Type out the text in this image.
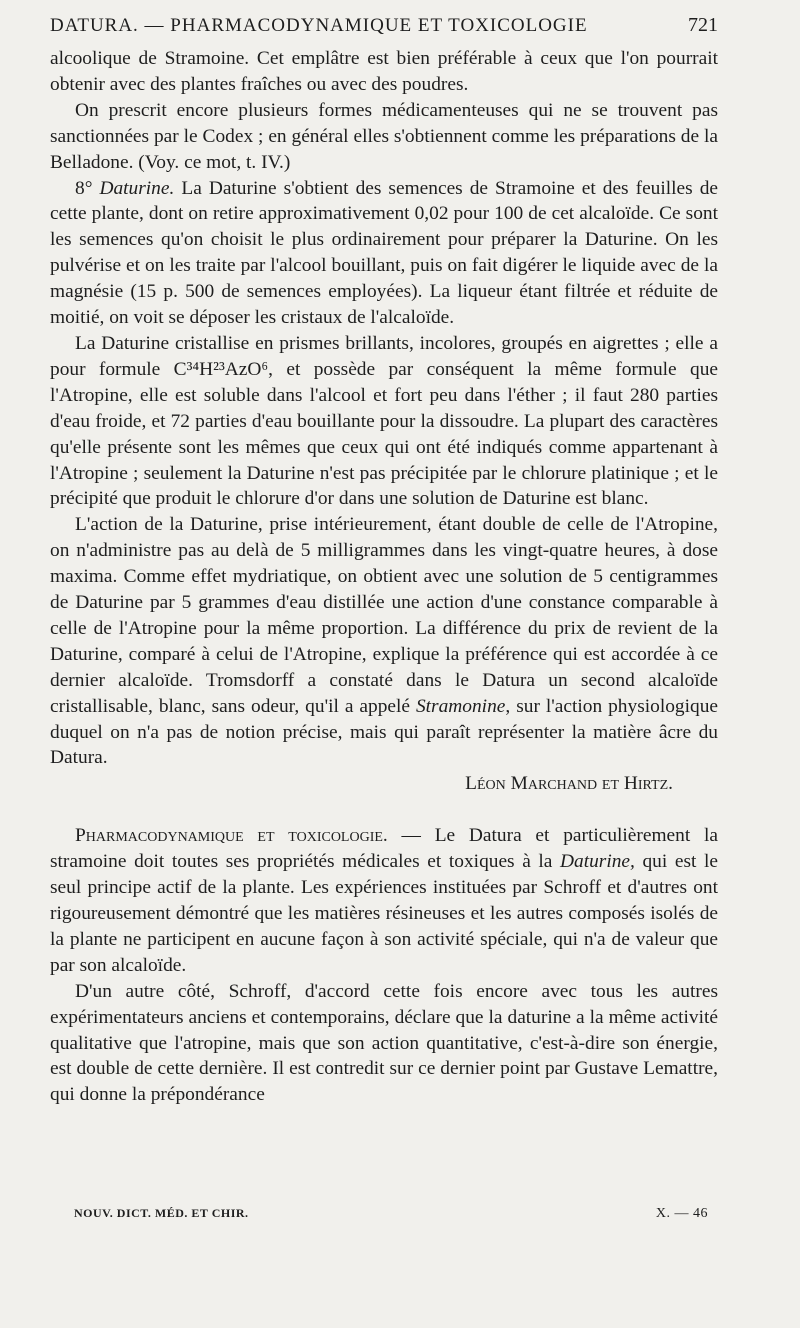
DATURA. — PHARMACODYNAMIQUE ET TOXICOLOGIE	721

alcoolique de Stramoine. Cet emplâtre est bien préférable à ceux que l'on pourrait obtenir avec des plantes fraîches ou avec des poudres.

On prescrit encore plusieurs formes médicamenteuses qui ne se trouvent pas sanctionnées par le Codex ; en général elles s'obtiennent comme les préparations de la Belladone. (Voy. ce mot, t. IV.)

8° Daturine. La Daturine s'obtient des semences de Stramoine et des feuilles de cette plante, dont on retire approximativement 0,02 pour 100 de cet alcaloïde. Ce sont les semences qu'on choisit le plus ordinairement pour préparer la Daturine. On les pulvérise et on les traite par l'alcool bouillant, puis on fait digérer le liquide avec de la magnésie (15 p. 500 de semences employées). La liqueur étant filtrée et réduite de moitié, on voit se déposer les cristaux de l'alcaloïde.

La Daturine cristallise en prismes brillants, incolores, groupés en aigrettes ; elle a pour formule C³⁴H²³AzO⁶, et possède par conséquent la même formule que l'Atropine, elle est soluble dans l'alcool et fort peu dans l'éther ; il faut 280 parties d'eau froide, et 72 parties d'eau bouillante pour la dissoudre. La plupart des caractères qu'elle présente sont les mêmes que ceux qui ont été indiqués comme appartenant à l'Atropine ; seulement la Daturine n'est pas précipitée par le chlorure platinique ; et le précipité que produit le chlorure d'or dans une solution de Daturine est blanc.

L'action de la Daturine, prise intérieurement, étant double de celle de l'Atropine, on n'administre pas au delà de 5 milligrammes dans les vingt-quatre heures, à dose maxima. Comme effet mydriatique, on obtient avec une solution de 5 centigrammes de Daturine par 5 grammes d'eau distillée une action d'une constance comparable à celle de l'Atropine pour la même proportion. La différence du prix de revient de la Daturine, comparé à celui de l'Atropine, explique la préférence qui est accordée à ce dernier alcaloïde. Tromsdorff a constaté dans le Datura un second alcaloïde cristallisable, blanc, sans odeur, qu'il a appelé Stramonine, sur l'action physiologique duquel on n'a pas de notion précise, mais qui paraît représenter la matière âcre du Datura.

Léon Marchand et Hirtz.

Pharmacodynamique et toxicologie. — Le Datura et particulièrement la stramoine doit toutes ses propriétés médicales et toxiques à la Daturine, qui est le seul principe actif de la plante. Les expériences instituées par Schroff et d'autres ont rigoureusement démontré que les matières résineuses et les autres composés isolés de la plante ne participent en aucune façon à son activité spéciale, qui n'a de valeur que par son alcaloïde.

D'un autre côté, Schroff, d'accord cette fois encore avec tous les autres expérimentateurs anciens et contemporains, déclare que la daturine a la même activité qualitative que l'atropine, mais que son action quantitative, c'est-à-dire son énergie, est double de cette dernière. Il est contredit sur ce dernier point par Gustave Lemattre, qui donne la prépondérance

NOUV. DICT. MÉD. ET CHIR.	X. — 46
